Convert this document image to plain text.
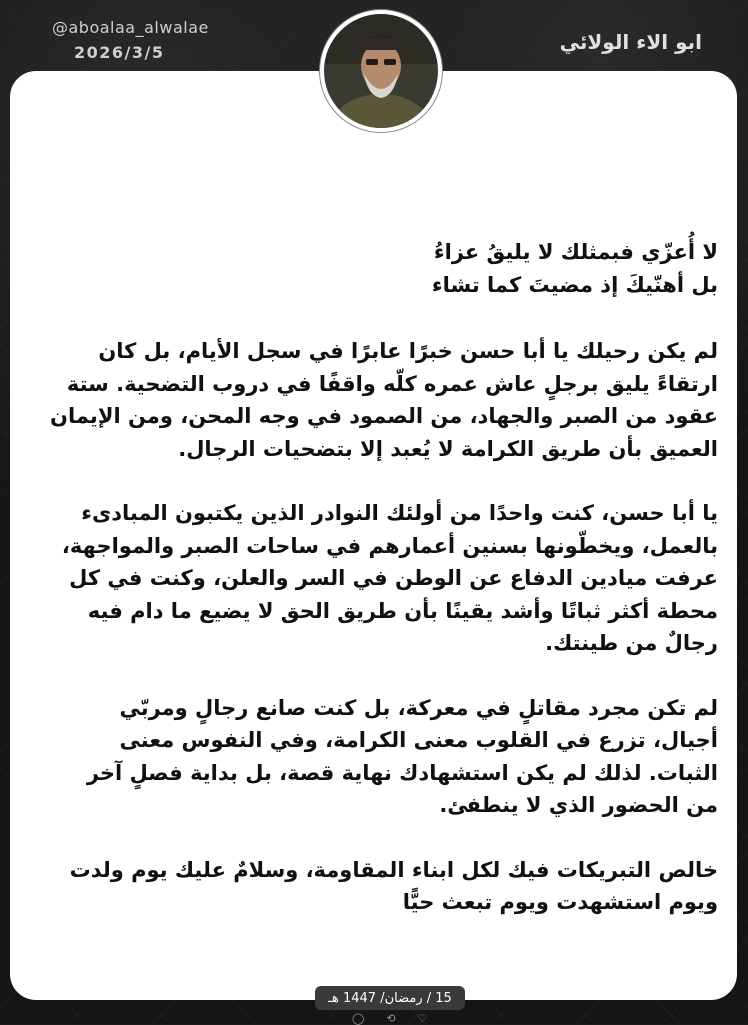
@aboalaa_alwalae
2026/3/5	ابو الاء الولائي
لا أُعزّي فبمثلك لا يليقُ عزاءُ
بل أهنّيكَ إذ مضيتَ كما تشاء

لم يكن رحيلك يا أبا حسن خبرًا عابرًا في سجل الأيام، بل كان ارتقاءً يليق برجلٍ عاش عمره كلّه واقفًا في دروب التضحية. ستة عقود من الصبر والجهاد، من الصمود في وجه المحن، ومن الإيمان العميق بأن طريق الكرامة لا يُعبد إلا بتضحيات الرجال.

يا أبا حسن، كنت واحدًا من أولئك النوادر الذين يكتبون المبادىء بالعمل، ويخطّونها بسنين أعمارهم في ساحات الصبر والمواجهة، عرفت ميادين الدفاع عن الوطن في السر والعلن، وكنت في كل محطة أكثر ثباتًا وأشد يقينًا بأن طريق الحق لا يضيع ما دام فيه رجالٌ من طينتك.

لم تكن مجرد مقاتلٍ في معركة، بل كنت صانع رجالٍ ومربّي أجيال، تزرع في القلوب معنى الكرامة، وفي النفوس معنى الثبات. لذلك لم يكن استشهادك نهاية قصة، بل بداية فصلٍ آخر من الحضور الذي لا ينطفئ.

خالص التبريكات فيك لكل ابناء المقاومة، وسلامٌ عليك يوم ولدت ويوم استشهدت ويوم تبعث حيًّا

15 / رمضان/ 1447 هـ
◯ ⟲ ♡
